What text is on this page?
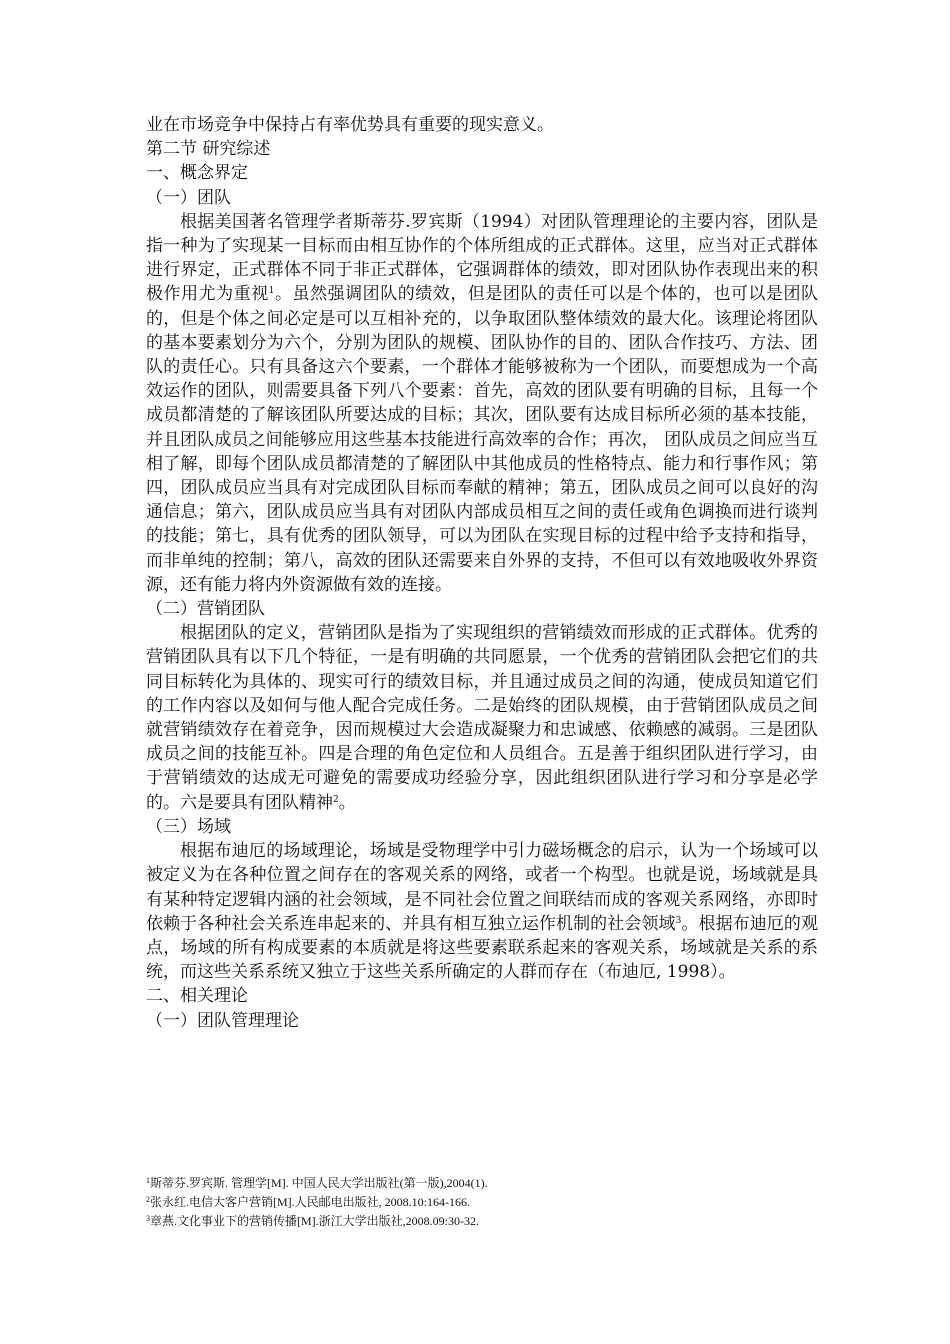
业在市场竞争中保持占有率优势具有重要的现实意义。

第二节 研究综述

一、概念界定

（一）团队

根据美国著名管理学者斯蒂芬.罗宾斯（1994）对团队管理理论的主要内容，团队是指一种为了实现某一目标而由相互协作的个体所组成的正式群体。这里，应当对正式群体进行界定，正式群体不同于非正式群体，它强调群体的绩效，即对团队协作表现出来的积极作用尤为重视$^1$。虽然强调团队的绩效，但是团队的责任可以是个体的，也可以是团队的，但是个体之间必定是可以互相补充的，以争取团队整体绩效的最大化。该理论将团队的基本要素划分为六个，分别为团队的规模、团队协作的目的、团队合作技巧、方法、团队的责任心。只有具备这六个要素，一个群体才能够被称为一个团队，而要想成为一个高效运作的团队，则需要具备下列八个要素：首先，高效的团队要有明确的目标，且每一个成员都清楚的了解该团队所要达成的目标；其次，团队要有达成目标所必须的基本技能，并且团队成员之间能够应用这些基本技能进行高效率的合作；再次， 团队成员之间应当互相了解，即每个团队成员都清楚的了解团队中其他成员的性格特点、能力和行事作风；第四，团队成员应当具有对完成团队目标而奉献的精神；第五，团队成员之间可以良好的沟通信息；第六，团队成员应当具有对团队内部成员相互之间的责任或角色调换而进行谈判的技能；第七，具有优秀的团队领导，可以为团队在实现目标的过程中给予支持和指导，而非单纯的控制；第八，高效的团队还需要来自外界的支持，不但可以有效地吸收外界资源，还有能力将内外资源做有效的连接。

（二）营销团队

根据团队的定义，营销团队是指为了实现组织的营销绩效而形成的正式群体。优秀的营销团队具有以下几个特征，一是有明确的共同愿景，一个优秀的营销团队会把它们的共同目标转化为具体的、现实可行的绩效目标，并且通过成员之间的沟通，使成员知道它们的工作内容以及如何与他人配合完成任务。二是始终的团队规模，由于营销团队成员之间就营销绩效存在着竞争，因而规模过大会造成凝聚力和忠诚感、依赖感的减弱。三是团队成员之间的技能互补。四是合理的角色定位和人员组合。五是善于组织团队进行学习，由于营销绩效的达成无可避免的需要成功经验分享，因此组织团队进行学习和分享是必学的。六是要具有团队精神$^2$。

（三）场域

根据布迪厄的场域理论，场域是受物理学中引力磁场概念的启示，认为一个场域可以被定义为在各种位置之间存在的客观关系的网络，或者一个构型。也就是说，场域就是具有某种特定逻辑内涵的社会领域，是不同社会位置之间联结而成的客观关系网络，亦即时依赖于各种社会关系连串起来的、并具有相互独立运作机制的社会领域$^3$。根据布迪厄的观点，场域的所有构成要素的本质就是将这些要素联系起来的客观关系，场域就是关系的系统，而这些关系系统又独立于这些关系所确定的人群而存在（布迪厄, 1998）。

二、相关理论

（一）团队管理理论

$^1$斯蒂芬.罗宾斯. 管理学[M]. 中国人民大学出版社(第一版),2004(1).

$^2$张永红.电信大客户营销[M].人民邮电出版社, 2008.10:164-166.

$^3$章燕.文化事业下的营销传播[M].浙江大学出版社,2008.09:30-32.
